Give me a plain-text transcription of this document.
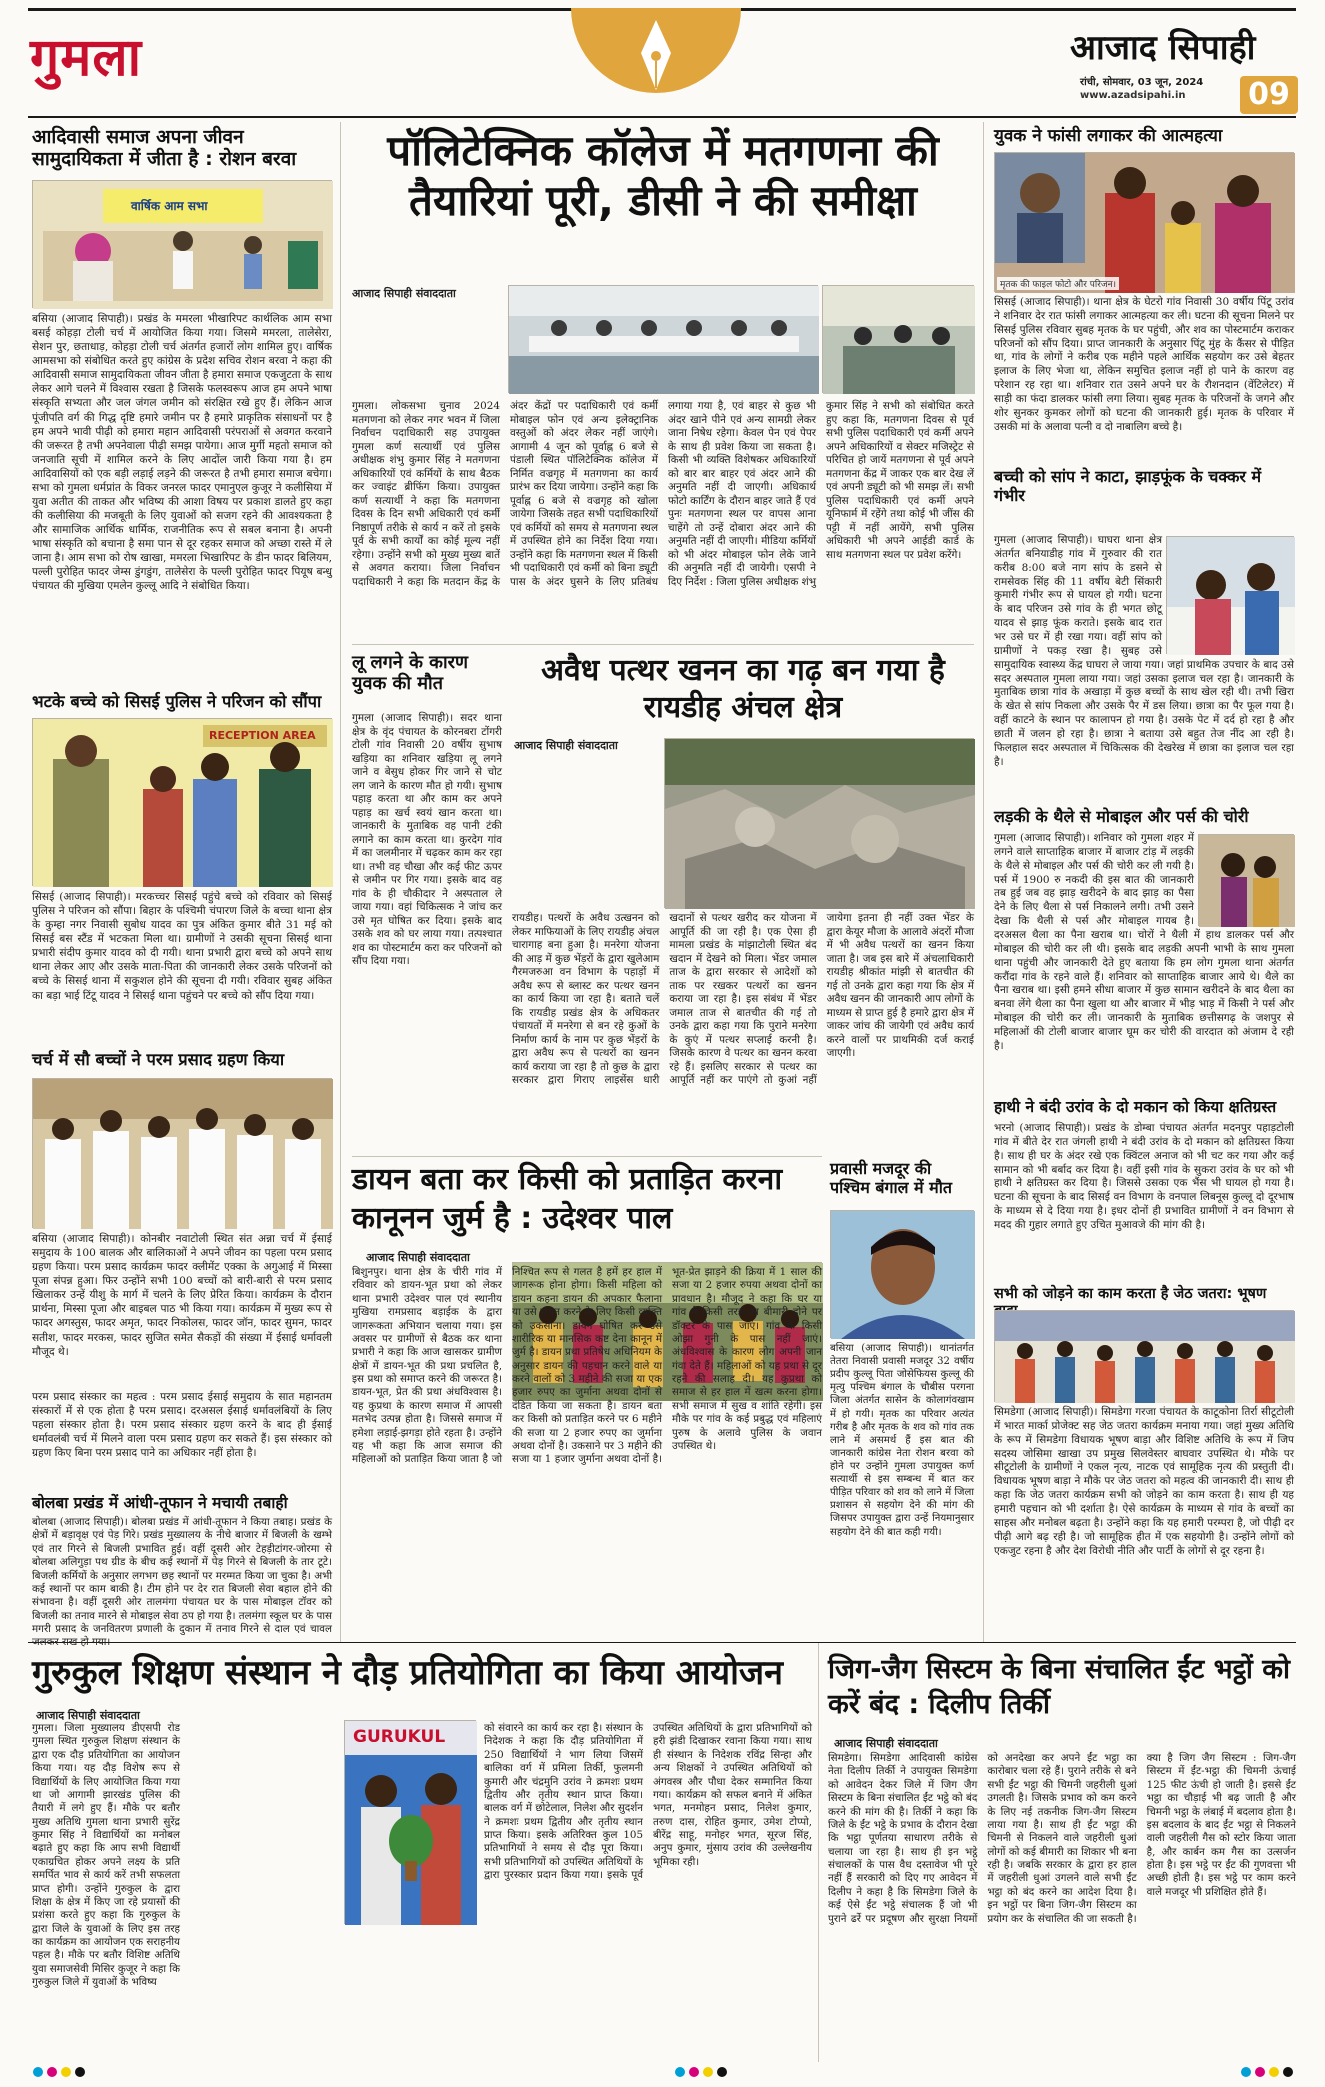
गुमला	आजाद सिपाही
रांची, सोमवार, 03 जून, 2024
www.azadsipahi.in 09
आदिवासी समाज अपना जीवन सामुदायिकता में जीता है : रोशन बरवा
वार्षिक आम सभा
बसिया (आजाद सिपाही)। प्रखंड के ममरला भीखारिपट कार्थलिक आम सभा बसई कोहड़ा टोली चर्च में आयोजित किया गया। जिसमे ममरला, तालेसेरा, सेशन पुर, छताधाड़, कोहड़ा टोली चर्च अंतर्गत हजारों लोग शामिल हुए। वार्षिक आमसभा को संबोधित करते हुए कांग्रेस के प्रदेश सचिव रोशन बरवा ने कहा की आदिवासी समाज सामुदायिकता जीवन जीता है हमारा समाज एकजुटता के साथ लेकर आगे चलने में विश्वास रखता है जिसके फलस्वरूप आज हम अपने भाषा संस्कृति सभ्यता और जल जंगल जमीन को संरक्षित रखे हुए हैं। लेकिन आज पूंजीपति वर्ग की गिद्ध दृष्टि हमारे जमीन पर है हमारे प्राकृतिक संसाधनों पर है हम अपने भावी पीढ़ी को हमारा महान आदिवासी परंपराओं से अवगत करवाने की जरूरत है तभी अपनेवाला पीढ़ी समझ पायेगा। आज मुर्गी महतो समाज को जनजाति सूची में शामिल करने के लिए आदोंल जारी किया गया है। हम आदिवासियों को एक बड़ी लड़ाई लड़ने की जरूरत है तभी हमारा समाज बचेगा। सभा को गुमला धर्मप्रांत के विकर जनरल फादर एमानुएल कुजूर ने कलीसिया में युवा अतीत की ताकत और भविष्य की आशा विषय पर प्रकाश डालते हुए कहा की कलीसिया की मजबूती के लिए युवाओं को सजग रहने की आवश्यकता है और सामाजिक आर्थिक धार्मिक, राजनीतिक रूप से सबल बनाना है। अपनी भाषा संस्कृति को बचाना है समा पान से दूर रहकर समाज को अच्छा रास्ते में ले जाना है। आम सभा को रोष खाखा, ममरला भिखारिपट के डीन फादर बिलियम, पल्ली पुरोहित फादर जेम्स डुंगडुंग, तालेसेरा के पल्ली पुरोहित फादर पियूष बन्धु पंचायत की मुखिया एमलेन कुल्लू आदि ने संबोधित किया।
भटके बच्चे को सिसई पुलिस ने परिजन को सौंपा
RECEPTION AREA
सिसई (आजाद सिपाही)। मरकच्चर सिसई पहुंचे बच्चे को रविवार को सिसई पुलिस ने परिजन को सौंपा। बिहार के पश्चिमी चंपारण जिले के बच्चा थाना क्षेत्र के कुम्हा नगर निवासी सुबोध यादव का पुत्र अंकित कुमार बीते 31 मई को सिसई बस स्टैंड में भटकता मिला था। ग्रामीणों ने उसकी सूचना सिसई थाना प्रभारी संदीप कुमार यादव को दी गयी। थाना प्रभारी द्वारा बच्चे को अपने साथ थाना लेकर आए और उसके माता-पिता की जानकारी लेकर उसके परिजनों को बच्चे के सिसई थाना में सकुशल होने की सूचना दी गयी। रविवार सुबह अंकित का बड़ा भाई टिंटू यादव ने सिसई थाना पहुंचने पर बच्चे को सौंप दिया गया।
चर्च में सौ बच्चों ने परम प्रसाद ग्रहण किया
बसिया (आजाद सिपाही)। कोनबीर नवाटोली स्थित संत अन्ना चर्च में ईसाई समुदाय के 100 बालक और बालिकाओं ने अपने जीवन का पहला परम प्रसाद ग्रहण किया। परम प्रसाद कार्यक्रम फादर क्लीमेंट एक्का के अगुआई में मिस्सा पूजा संपन्न हुआ। फिर उन्होंने सभी 100 बच्चों को बारी-बारी से परम प्रसाद खिलाकर उन्हें यीशु के मार्ग में चलने के लिए प्रेरित किया। कार्यक्रम के दौरान प्रार्थना, मिस्सा पूजा और बाइबल पाठ भी किया गया। कार्यक्रम में मुख्य रूप से फादर अगस्तुस, फादर अमृत, फादर निकोलस, फादर जॉन, फादर सुमन, फादर सतीश, फादर मरकस, फादर सुजित समेत सैकड़ों की संख्या में ईसाई धर्मावली मौजूद थे।
परम प्रसाद संस्कार का महत्व : परम प्रसाद ईसाई समुदाय के सात महानतम संस्कारों में से एक होता है परम प्रसाद। दरअसल ईसाई धर्मावलंबियों के लिए पहला संस्कार होता है। परम प्रसाद संस्कार ग्रहण करने के बाद ही ईसाई धर्मावलंबी चर्च में मिलने वाला परम प्रसाद ग्रहण कर सकते हैं। इस संस्कार को ग्रहण किए बिना परम प्रसाद पाने का अधिकार नहीं होता है।
बोलबा प्रखंड में आंधी-तूफान ने मचायी तबाही
बोलबा (आजाद सिपाही)। बोलबा प्रखंड में आंधी-तूफान ने किया तबाह। प्रखंड के क्षेत्रों में बड़ावृक्ष एवं पेड़ गिरे। प्रखंड मुख्यालय के नीचे बाजार में बिजली के खम्भे एवं तार गिरने से बिजली प्रभावित हुई। वहीं दूसरी ओर टेहड़ीटांगर-जोरमा से बोलबा अलिगुड़ा पथ ग्रीड के बीच कई स्थानों में पेड़ गिरने से बिजली के तार टूटे। बिजली कर्मियों के अनुसार लगभग छह स्थानों पर मरम्मत किया जा चुका है। अभी कई स्थानों पर काम बाकी है। टीम होने पर देर रात बिजली सेवा बहाल होने की संभावना है। वहीं दूसरी ओर तालमंगा पंचायत घर के पास मोबाइल टॉवर को बिजली का तनाव मारने से मोबाइल सेवा ठप हो गया है। तलमंगा स्कूल घर के पास मगरी प्रसाद के जनवितरण प्रणाली के दुकान में तनाव गिरने से दाल एवं चावल जलकर राख हो गया।
पॉलिटेक्निक कॉलेज में मतगणना की तैयारियां पूरी, डीसी ने की समीक्षा
आजाद सिपाही संवाददाता
गुमला। लोकसभा चुनाव 2024 मतगणना को लेकर नगर भवन में जिला निर्वाचन पदाधिकारी सह उपायुक्त गुमला कर्ण सत्यार्थी एवं पुलिस अधीक्षक शंभु कुमार सिंह ने मतगणना अधिकारियों एवं कर्मियों के साथ बैठक कर ज्वाइंट ब्रीफिंग किया। उपायुक्त कर्ण सत्यार्थी ने कहा कि मतगणना दिवस के दिन सभी अधिकारी एवं कर्मी निष्ठापूर्ण तरीके से कार्य न करें तो इसके पूर्व के सभी कार्यों का कोई मूल्य नहीं रहेगा। उन्होंने सभी को मुख्य मुख्य बातें से अवगत कराया। जिला निर्वाचन पदाधिकारी ने कहा कि मतदान केंद्र के अंदर केंद्रों पर पदाधिकारी एवं कर्मी मोबाइल फोन एवं अन्य इलेक्ट्रानिक वस्तुओं को अंदर लेकर नहीं जाएंगे। आगामी 4 जून को पूर्वाह्न 6 बजे से पंडाली स्थित पॉलिटेक्निक कॉलेज में निर्मित वज्रगृह में मतगणना का कार्य प्रारंभ कर दिया जायेगा। उन्होंने कहा कि पूर्वाह्न 6 बजे से वज्रगृह को खोला जायेगा जिसके तहत सभी पदाधिकारियों एवं कर्मियों को समय से मतगणना स्थल में उपस्थित होने का निर्देश दिया गया। उन्होंने कहा कि मतगणना स्थल में किसी भी पदाधिकारी एवं कर्मी को बिना ड्यूटी पास के अंदर घुसने के लिए प्रतिबंध लगाया गया है, एवं बाहर से कुछ भी अंदर खाने पीने एवं अन्य सामग्री लेकर जाना निषेध रहेगा। केवल पेन एवं पेपर के साथ ही प्रवेश किया जा सकता है। किसी भी व्यक्ति विशेषकर अधिकारियों को बार बार बाहर एवं अंदर आने की अनुमति नहीं दी जाएगी। अधिकार्थ फोटो कार्टिंग के दौरान बाहर जाते हैं एवं पुनः मतगणना स्थल पर वापस आना चाहेंगे तो उन्हें दोबारा अंदर आने की अनुमति नहीं दी जाएगी। मीडिया कर्मियों को भी अंदर मोबाइल फोन लेके जाने की अनुमति नहीं दी जायेगी। एसपी ने दिए निर्देश : जिला पुलिस अधीक्षक शंभु कुमार सिंह ने सभी को संबोधित करते हुए कहा कि, मतगणना दिवस से पूर्व सभी पुलिस पदाधिकारी एवं कर्मी अपने अपने अधिकारियों व सेक्टर मजिस्ट्रेट से परिचित हो जायें मतगणना से पूर्व अपने मतगणना केंद्र में जाकर एक बार देख लें एवं अपनी ड्यूटी को भी समझ लें। सभी पुलिस पदाधिकारी एवं कर्मी अपने यूनिफार्म में रहेंगे तथा कोई भी जींस की पट्टी में नहीं आयेंगे, सभी पुलिस अधिकारी भी अपने आईडी कार्ड के साथ मतगणना स्थल पर प्रवेश करेंगे।
लू लगने के कारण युवक की मौत
गुमला (आजाद सिपाही)। सदर थाना क्षेत्र के वृंद पंचायत के कोरनबरा टोंगरी टोली गांव निवासी 20 वर्षीय सुभाष खड़िया का शनिवार खड़िया लू लगने जाने व बेसुध होकर गिर जाने से चोट लग जाने के कारण मौत हो गयी। सुभाष पहाड़ करता था और काम कर अपने पहाड़ का खर्च स्वयं खान करता था। जानकारी के मुताबिक वह पानी टंकी लगाने का काम करता था। कुरदेग गांव में का जलमीनार में चढ़कर काम कर रहा था। तभी वह चौखा और कई फीट ऊपर से जमीन पर गिर गया। इसके बाद वह गांव के ही चौकीदार ने अस्पताल ले जाया गया। वहां चिकित्सक ने जांच कर उसे मृत घोषित कर दिया। इसके बाद उसके शव को घर लाया गया। तत्पश्चात शव का पोस्टमार्टम करा कर परिजनों को सौंप दिया गया।
अवैध पत्थर खनन का गढ़ बन गया है रायडीह अंचल क्षेत्र
आजाद सिपाही संवाददाता
रायडीह। पत्थरों के अवैध उत्खनन को लेकर माफियाओं के लिए रायडीह अंचल चारागाह बना हुआ है। मनरेगा योजना की आड़ में कुछ भेंड़रों के द्वारा खुलेआम गैरमजरुआ वन विभाग के पहाड़ों में अवैध रूप से ब्लास्ट कर पत्थर खनन का कार्य किया जा रहा है। बताते चलें कि रायडीह प्रखंड क्षेत्र के अधिकतर पंचायतों में मनरेगा से बन रहे कुओं के निर्माण कार्य के नाम पर कुछ भेंड़रों के द्वारा अवैध रूप से पत्थरों का खनन कार्य कराया जा रहा है तो कुछ के द्वारा सरकार द्वारा गिराए लाइसेंस धारी खदानों से पत्थर खरीद कर योजना में आपूर्ति की जा रही है। एक ऐसा ही मामला प्रखंड के मांझाटोली स्थित बंद खदान में देखने को मिला। भेंडर जमाल ताज के द्वारा सरकार से आदेशों को ताक पर रखकर पत्थरों का खनन कराया जा रहा है। इस संबंध में भेंडर जमाल ताज से बातचीत की गई तो उनके द्वारा कहा गया कि पुराने मनरेगा के कुएं में पत्थर सप्लाई करनी है। जिसके कारण वे पत्थर का खनन करवा रहे हैं। इसलिए सरकार से पत्थर का आपूर्ति नहीं कर पाएंगे तो कुआं नहीं जायेगा इतना ही नहीं उक्त भेंडर के द्वारा केयूर मौजा के आलावे अंदरों मौजा में भी अवैध पत्थरों का खनन किया जाता है। जब इस बारे में अंचलाधिकारी रायडीह श्रीकांत मांझी से बातचीत की गई तो उनके द्वारा कहा गया कि क्षेत्र में अवैध खनन की जानकारी आप लोगों के माध्यम से प्राप्त हुई है हमारे द्वारा क्षेत्र में जाकर जांच की जायेगी एवं अवैध कार्य करने वालों पर प्राथमिकी दर्ज कराई जाएगी।
डायन बता कर किसी को प्रताड़ित करना कानूनन जुर्म है : उदेश्वर पाल
आजाद सिपाही संवाददाता
बिशुनपुर। थाना क्षेत्र के चीरी गांव में रविवार को डायन-भूत प्रथा को लेकर थाना प्रभारी उदेश्वर पाल एवं स्थानीय मुखिया रामप्रसाद बड़ाईक के द्वारा जागरूकता अभियान चलाया गया। इस अवसर पर ग्रामीणों से बैठक कर थाना प्रभारी ने कहा कि आज खासकर ग्रामीण क्षेत्रों में डायन-भूत की प्रथा प्रचलित है, इस प्रथा को समाप्त करने की जरूरत है। डायन-भूत, प्रेत की प्रथा अंधविश्वास है। यह कुप्रथा के कारण समाज में आपसी मतभेद उत्पन्न होता है। जिससे समाज में हमेशा लड़ाई-झगड़ा होते रहता है। उन्होंने यह भी कहा कि आज समाज की महिलाओं को प्रताड़ित किया जाता है जो निश्चित रूप से गलत है हमें हर हाल में जागरूक होना होगा। किसी महिला को डायन कहना डायन की अपकार फैलाना या उसे डायन करने के लिए किसी व्यक्ति को उकसाना। डायन घोषित कर उसे शारीरिक या मानसिक कष्ट देना कानून में जुर्म है। डायन प्रथा प्रतिषेध अधिनियम के अनुसार डायन की पहचान करने वाले या करने वालों को 3 महीने की सजा या एक हजार रुपए का जुर्माना अथवा दोनों से दंडित किया जा सकता है। डायन बता कर किसी को प्रताड़ित करने पर 6 महीने की सजा या 2 हजार रुपए का जुर्माना अथवा दोनों है। उकसाने पर 3 महीने की सजा या 1 हजार जुर्माना अथवा दोनों है। भूत-प्रेत झाड़ने की क्रिया में 1 साल की सजा या 2 हजार रुपया अथवा दोनों का प्रावधान है। मौजूद ने कहा कि घर या गांव में किसी तरह का बीमारी होने पर डॉक्टर के पास जाएं। गांव के किसी ओझा गुनी के पास नहीं जाएं। अंधविश्वास के कारण लोग अपनी जान गंवा देते हैं। महिलाओं को यह प्रथा से दूर रहने की सलाह दी। यह कुप्रथा को समाज से हर हाल में खत्म करना होगा। सभी समाज में सुख व शांति रहेगी। इस मौके पर गांव के कई प्रबुद्ध एवं महिलाएं पुरुष के अलावे पुलिस के जवान उपस्थित थे।
प्रवासी मजदूर की पश्चिम बंगाल में मौत
बसिया (आजाद सिपाही)। थानांतर्गत तेतरा निवासी प्रवासी मजदूर 32 वर्षीय प्रदीप कुल्लू पिता जोसेफियस कुल्लू की मृत्यु पश्चिम बंगाल के चौबीस परगना जिला अंतर्गत सासेन के कोलागंवखाम में हो गयी। मृतक का परिवार अत्यंत गरीब है और मृतक के शव को गांव तक लाने में असमर्थ हैं इस बात की जानकारी कांग्रेस नेता रोशन बरवा को होने पर उन्होंने गुमला उपायुक्त कर्ण सत्यार्थी से इस सम्बन्ध में बात कर पीड़ित परिवार को शव को लाने में जिला प्रशासन से सहयोग देने की मांग की जिसपर उपायुक्त द्वारा उन्हें नियमानुसार सहयोग देने की बात कही गयी।
युवक ने फांसी लगाकर की आत्महत्या
मृतक की फाइल फोटो और परिजन।
सिसई (आजाद सिपाही)। थाना क्षेत्र के घेटरो गांव निवासी 30 वर्षीय पिंटू उरांव ने शनिवार देर रात फांसी लगाकर आत्महत्या कर ली। घटना की सूचना मिलने पर सिसई पुलिस रविवार सुबह मृतक के घर पहुंची, और शव का पोस्टमार्टम कराकर परिजनों को सौंप दिया। प्राप्त जानकारी के अनुसार पिंटू मुंह के कैंसर से पीड़ित था, गांव के लोगों ने करीब एक महीने पहले आर्थिक सहयोग कर उसे बेहतर इलाज के लिए भेजा था, लेकिन समुचित इलाज नहीं हो पाने के कारण वह परेशान रह रहा था। शनिवार रात उसने अपने घर के रौशनदान (वेंटिलेटर) में साड़ी का फंदा डालकर फांसी लगा लिया। सुबह मृतक के परिजनों के जगने और शोर सुनकर कुमकर लोगों को घटना की जानकारी हुई। मृतक के परिवार में उसकी मां के अलावा पत्नी व दो नाबालिग बच्चे है।
बच्ची को सांप ने काटा, झाड़फूंक के चक्कर में गंभीर
गुमला (आजाद सिपाही)। घाघरा थाना क्षेत्र अंतर्गत बनियाडीह गांव में गुरुवार की रात करीब 8:00 बजे नाग सांप के डसने से रामसेवक सिंह की 11 वर्षीय बेटी सिंकारी कुमारी गंभीर रूप से घायल हो गयी। घटना के बाद परिजन उसे गांव के ही भगत छोटू यादव से झाड़ फूंक कराते। इसके बाद रात भर उसे घर में ही रखा गया। वहीं सांप को ग्रामीणों ने पकड़ रखा है। सुबह उसे सामुदायिक स्वास्थ्य केंद्र घाघरा ले जाया गया। जहां प्राथमिक उपचार के बाद उसे सदर अस्पताल गुमला लाया गया। जहां उसका इलाज चल रहा है। जानकारी के मुताबिक छात्रा गांव के अखाड़ा में कुछ बच्चों के साथ खेल रही थी। तभी खिरा के खेत से सांप निकला और उसके पैर में डस लिया। छात्रा का पैर फूल गया है। वहीं काटने के स्थान पर कालापन हो गया है। उसके पेट में दर्द हो रहा है और छाती में जलन हो रहा है। छात्रा ने बताया उसे बहुत तेज नींद आ रही है। फिलहाल सदर अस्पताल में चिकित्सक की देखरेख में छात्रा का इलाज चल रहा है।
लड़की के थैले से मोबाइल और पर्स की चोरी
गुमला (आजाद सिपाही)। शनिवार को गुमला शहर में लगने वाले साप्ताहिक बाजार में बाजार टांड़ में लड़की के थैले से मोबाइल और पर्स की चोरी कर ली गयी है। पर्स में 1900 रु नकदी की इस बात की जानकारी तब हुई जब वह झाड़ खरीदने के बाद झाड़ का पैसा देने के लिए थैला से पर्स निकालने लगी। तभी उसने देखा कि थैली से पर्स और मोबाइल गायब है। दरअसल थैला का पैना खराब था। चोरों ने थैली में हाथ डालकर पर्स और मोबाइल की चोरी कर ली थी। इसके बाद लड़की अपनी भाभी के साथ गुमला थाना पहुंची और जानकारी देते हुए बताया कि हम लोग गुमला थाना अंतर्गत करौंदा गांव के रहने वाले हैं। शनिवार को साप्ताहिक बाजार आये थे। थैले का पैना खराब था। इसी हमने सीधा बाजार में कुछ सामान खरीदने के बाद थैला का बनवा लेंगे थैला का पैना खुला था और बाजार में भीड़ भाड़ में किसी ने पर्स और मोबाइल की चोरी कर ली। जानकारी के मुताबिक छत्तीसगढ़ के जशपुर से महिलाओं की टोली बाजार बाजार घूम कर चोरी की वारदात को अंजाम दे रही है।
हाथी ने बंदी उरांव के दो मकान को किया क्षतिग्रस्त
भरनो (आजाद सिपाही)। प्रखंड के डोम्बा पंचायत अंतर्गत मदनपुर पहाड़टोली गांव में बीते देर रात जंगली हाथी ने बंदी उरांव के दो मकान को क्षतिग्रस्त किया है। साथ ही घर के अंदर रखे एक क्विंटल अनाज को भी चट कर गया और कई सामान को भी बर्बाद कर दिया है। वहीं इसी गांव के सुकरा उरांव के घर को भी हाथी ने क्षतिग्रस्त कर दिया है। जिससे उसका एक भैंस भी घायल हो गया है। घटना की सूचना के बाद सिसई वन विभाग के वनपाल लिबनूस कुल्लू दो दूरभाष के माध्यम से दे दिया गया है। इधर दोनों ही प्रभावित ग्रामीणों ने वन विभाग से मदद की गुहार लगाते हुए उचित मुआवजे की मांग की है।
सभी को जोड़ने का काम करता है जेठ जतरा: भूषण
सिमडेगा (आजाद सिपाही)। सिमडेगा गरजा पंचायत के काटूकोना तिर्रा सीटूटोली में भारत मार्का प्रोजेक्ट सह जेठ जतरा कार्यक्रम मनाया गया। जहां मुख्य अतिथि के रूप में सिमडेगा विधायक भूषण बाड़ा और विशिष्ट अतिथि के रूप में जिप सदस्य जोसिमा खाखा उप प्रमुख सिलवेस्तर बाघवार उपस्थित थे। मौके पर सीटूटोली के ग्रामीणों ने एकल नृत्य, नाटक एवं सामूहिक नृत्य की प्रस्तुती दी। विधायक भूषण बाड़ा ने मौके पर जेठ जतरा को महत्व की जानकारी दी। साथ ही कहा कि जेठ जतरा कार्यक्रम सभी को जोड़ने का काम करता है। साथ ही यह हमारी पहचान को भी दर्शाता है। ऐसे कार्यक्रम के माध्यम से गांव के बच्चों का साहस और मनोबल बढ़ता है। उन्होंने कहा कि यह हमारी परम्परा है, जो पीढ़ी दर पीढ़ी आगे बढ़ रही है। जो सामूहिक हीत में एक सहयोगी है। उन्होंने लोगों को एकजुट रहना है और देश विरोधी नीति और पार्टी के लोगों से दूर रहना है।
गुरुकुल शिक्षण संस्थान ने दौड़ प्रतियोगिता का किया आयोजन
आजाद सिपाही संवाददाता
GURUKUL
गुमला। जिला मुख्यालय डीएसपी रोड गुमला स्थित गुरुकुल शिक्षण संस्थान के द्वारा एक दौड़ प्रतियोगिता का आयोजन किया गया। यह दौड़ विशेष रूप से विद्यार्थियों के लिए आयोजित किया गया था जो आगामी झारखंड पुलिस की तैयारी में लगे हुए हैं। मौके पर बतौर मुख्य अतिथि गुमला थाना प्रभारी सुरेंद्र कुमार सिंह ने विद्यार्थियों का मनोबल बढ़ाते हुए कहा कि आप सभी विद्यार्थी एकाग्रचित होकर अपने लक्ष्य के प्रति समर्पित भाव से कार्य करें तभी सफलता प्राप्त होगी। उन्होंने गुरुकुल के द्वारा शिक्षा के क्षेत्र में किए जा रहे प्रयासों की प्रशंसा करते हुए कहा कि गुरुकुल के द्वारा जिले के युवाओं के लिए इस तरह का कार्यक्रम का आयोजन एक सराहनीय पहल है। मौके पर बतौर विशिष्ट अतिथि युवा समाजसेवी मिसिर कुजूर ने कहा कि गुरुकुल जिले में युवाओं के भविष्य
को संवारने का कार्य कर रहा है। संस्थान के निदेशक ने कहा कि दौड़ प्रतियोगिता में 250 विद्यार्थियों ने भाग लिया जिसमें बालिका वर्ग में प्रमिला तिर्की, फुलमनी कुमारी और चंद्रमुनि उरांव ने क्रमशः प्रथम द्वितीय और तृतीय स्थान प्राप्त किया। बालक वर्ग में छोटेलाल, निलेश और सुदर्शन ने क्रमशः प्रथम द्वितीय और तृतीय स्थान प्राप्त किया। इसके अतिरिक्त कुल 105 प्रतिभागियों ने समय से दौड़ पूरा किया। सभी प्रतिभागियों को उपस्थित अतिथियों के द्वारा पुरस्कार प्रदान किया गया। इसके पूर्व उपस्थित अतिथियों के द्वारा प्रतिभागियों को हरी झंडी दिखाकर रवाना किया गया। साथ ही संस्थान के निदेशक रविंद्र सिन्हा और अन्य शिक्षकों ने उपस्थित अतिथियों को अंगवस्त्र और पौधा देकर सम्मानित किया गया। कार्यक्रम को सफल बनाने में अंकित भगत, मनमोहन प्रसाद, निलेश कुमार, तरुण दास, रोहित कुमार, उमेश टोप्पो, बीरेंद्र साहू, मनोहर भगत, सूरज सिंह, अनुप कुमार, मुंसाय उरांव की उल्लेखनीय भूमिका रही।
जिग-जैग सिस्टम के बिना संचालित ईंट भट्ठों को करें बंद : दिलीप तिर्की
आजाद सिपाही संवाददाता
सिमडेगा। सिमडेगा आदिवासी कांग्रेस नेता दिलीप तिर्की ने उपायुक्त सिमडेगा को आवेदन देकर जिले में जिग जैग सिस्टम के बिना संचालित ईंट भट्ठे को बंद करने की मांग की है। तिर्की ने कहा कि जिले के ईंट भट्ठे के प्रभाव के दौरान देखा कि भट्ठा पूर्णतया साधारण तरीके से चलाया जा रहा है। साथ ही इन भट्ठे संचालकों के पास वैध दस्तावेज भी पूरे नहीं हैं सरकारी को दिए गए आवेदन में दिलीप ने कहा है कि सिमडेगा जिले के कई ऐसे ईंट भट्ठे संचालक हैं जो भी पुराने ढर्रे पर प्रदूषण और सुरक्षा नियमों को अनदेखा कर अपने ईंट भट्ठा का कारोबार चला रहे हैं। पुराने तरीके से बने सभी ईंट भट्ठा की चिमनी जहरीली धुआं उगलती है। जिसके प्रभाव को कम करने के लिए नई तकनीक जिग-जैग सिस्टम लाया गया है। साथ ही ईंट भट्ठा की चिमनी से निकलने वाले जहरीली धुआं लोगों को कई बीमारी का शिकार भी बना रही है। जबकि सरकार के द्वारा हर हाल में जहरीली धुआं उगलने वाले सभी ईंट भट्ठा को बंद करने का आदेश दिया है। इन भट्ठों पर बिना जिग-जैग सिस्टम का प्रयोग कर के संचालित की जा सकती है। क्या है जिग जैग सिस्टम : जिग-जैग सिस्टम में ईंट-भट्ठा की चिमनी ऊंचाई 125 फीट ऊंची हो जाती है। इससे ईंट भट्ठा का चौड़ाई भी बढ़ जाती है और चिमनी भट्ठा के लंबाई में बदलाव होता है। इस बदलाव के बाद ईंट भट्ठा से निकलने वाली जहरीली गैस को स्टोर किया जाता है, और कार्बन कम गैस का उत्सर्जन होता है। इस भट्ठे पर ईंट की गुणवत्ता भी अच्छी होती है। इस भट्ठे पर काम करने वाले मजदूर भी प्रशिक्षित होते हैं।
